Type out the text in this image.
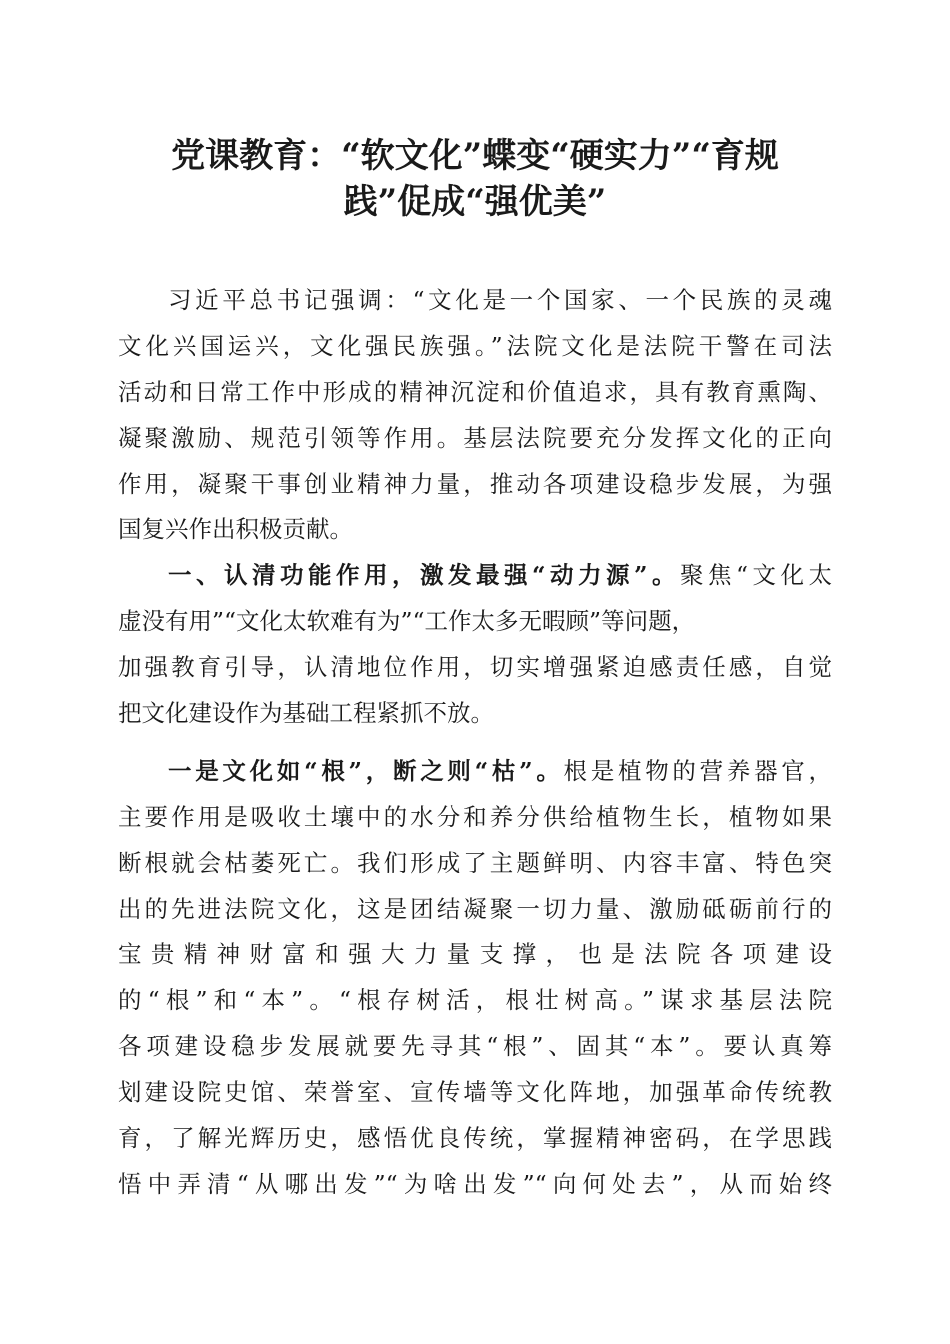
党课教育：“软文化”蝶变“硬实力”“育规
践”促成“强优美”
习近平总书记强调：“文化是一个国家、一个民族的灵魂
文化兴国运兴，文化强民族强。”法院文化是法院干警在司法
活动和日常工作中形成的精神沉淀和价值追求，具有教育熏陶、
凝聚激励、规范引领等作用。基层法院要充分发挥文化的正向
作用，凝聚干事创业精神力量，推动各项建设稳步发展，为强
国复兴作出积极贡献。
一、认清功能作用，激发最强“动力源”。聚焦“文化太
虚没有用”“文化太软难有为”“工作太多无暇顾”等问题，
加强教育引导，认清地位作用，切实增强紧迫感责任感，自觉
把文化建设作为基础工程紧抓不放。
一是文化如“根”，断之则“枯”。根是植物的营养器官，
主要作用是吸收土壤中的水分和养分供给植物生长，植物如果
断根就会枯萎死亡。我们形成了主题鲜明、内容丰富、特色突
出的先进法院文化，这是团结凝聚一切力量、激励砥砺前行的
宝贵精神财富和强大力量支撑，也是法院各项建设
的“根”和“本”。“根存树活，根壮树高。”谋求基层法院
各项建设稳步发展就要先寻其“根”、固其“本”。要认真筹
划建设院史馆、荣誉室、宣传墙等文化阵地，加强革命传统教
育，了解光辉历史，感悟优良传统，掌握精神密码，在学思践
悟中弄清“从哪出发”“为啥出发”“向何处去”，从而始终
